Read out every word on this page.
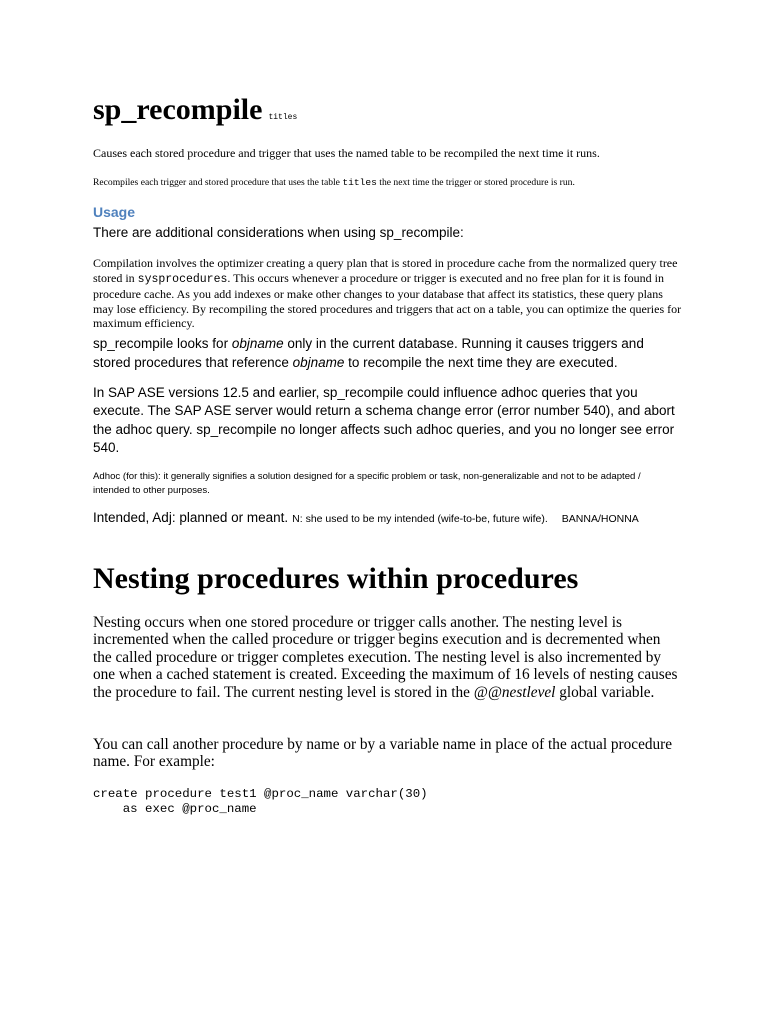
sp_recompile titles
Causes each stored procedure and trigger that uses the named table to be recompiled the next time it runs.
Recompiles each trigger and stored procedure that uses the table titles the next time the trigger or stored procedure is run.
Usage
There are additional considerations when using sp_recompile:
Compilation involves the optimizer creating a query plan that is stored in procedure cache from the normalized query tree stored in sysprocedures. This occurs whenever a procedure or trigger is executed and no free plan for it is found in procedure cache. As you add indexes or make other changes to your database that affect its statistics, these query plans may lose efficiency. By recompiling the stored procedures and triggers that act on a table, you can optimize the queries for maximum efficiency.
sp_recompile looks for objname only in the current database. Running it causes triggers and stored procedures that reference objname to recompile the next time they are executed.
In SAP ASE versions 12.5 and earlier, sp_recompile could influence adhoc queries that you execute. The SAP ASE server would return a schema change error (error number 540), and abort the adhoc query. sp_recompile no longer affects such adhoc queries, and you no longer see error 540.
Adhoc (for this): it generally signifies a solution designed for a specific problem or task, non-generalizable and not to be adapted / intended to other purposes.
Intended, Adj: planned or meant. N: she used to be my intended (wife-to-be, future wife). BANNA/HONNA
Nesting procedures within procedures
Nesting occurs when one stored procedure or trigger calls another. The nesting level is incremented when the called procedure or trigger begins execution and is decremented when the called procedure or trigger completes execution. The nesting level is also incremented by one when a cached statement is created. Exceeding the maximum of 16 levels of nesting causes the procedure to fail. The current nesting level is stored in the @@nestlevel global variable.
You can call another procedure by name or by a variable name in place of the actual procedure name. For example:
create procedure test1 @proc_name varchar(30)
as exec @proc_name
